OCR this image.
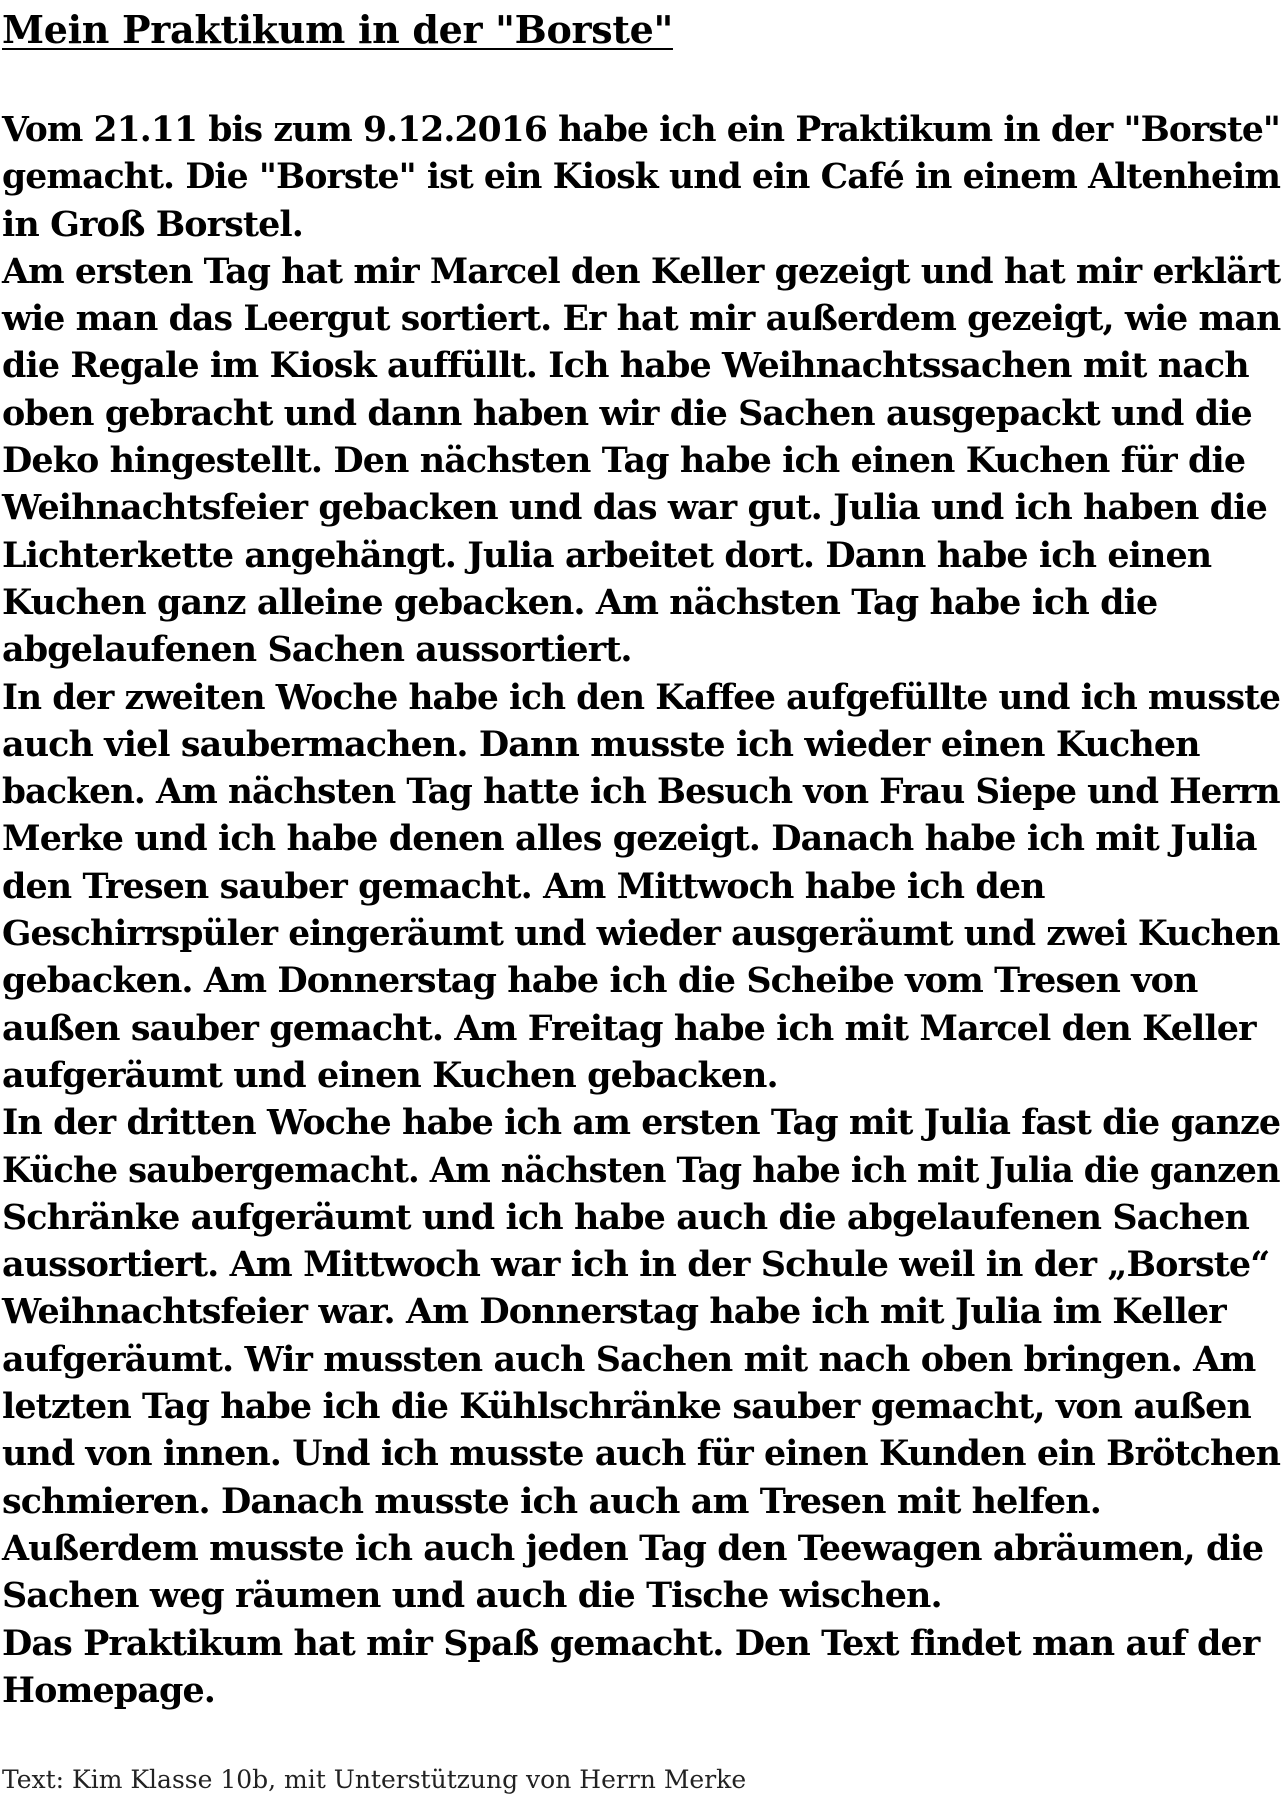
Mein Praktikum in der "Borste"
Vom 21.11 bis zum 9.12.2016 habe ich ein Praktikum in der "Borste"
gemacht. Die "Borste" ist ein Kiosk und ein Café in einem Altenheim
in Groß Borstel.
Am ersten Tag hat mir Marcel den Keller gezeigt und hat mir erklärt
wie man das Leergut sortiert. Er hat mir außerdem gezeigt, wie man
die Regale im Kiosk auffüllt. Ich habe Weihnachtssachen mit nach
oben gebracht und dann haben wir die Sachen ausgepackt und die
Deko hingestellt. Den nächsten Tag habe ich einen Kuchen für die
Weihnachtsfeier gebacken und das war gut. Julia und ich haben die
Lichterkette angehängt. Julia arbeitet dort. Dann habe ich einen
Kuchen ganz alleine gebacken. Am nächsten Tag habe ich die
abgelaufenen Sachen aussortiert.
In der zweiten Woche habe ich den Kaffee aufgefüllte und ich musste
auch viel saubermachen. Dann musste ich wieder einen Kuchen
backen. Am nächsten Tag hatte ich Besuch von Frau Siepe und Herrn
Merke und ich habe denen alles gezeigt. Danach habe ich mit Julia
den Tresen sauber gemacht. Am Mittwoch habe ich den
Geschirrspüler eingeräumt und wieder ausgeräumt und zwei Kuchen
gebacken. Am Donnerstag habe ich die Scheibe vom Tresen von
außen sauber gemacht. Am Freitag habe ich mit Marcel den Keller
aufgeräumt und einen Kuchen gebacken.
In der dritten Woche habe ich am ersten Tag mit Julia fast die ganze
Küche saubergemacht. Am nächsten Tag habe ich mit Julia die ganzen
Schränke aufgeräumt und ich habe auch die abgelaufenen Sachen
aussortiert. Am Mittwoch war ich in der Schule weil in der „Borste“
Weihnachtsfeier war. Am Donnerstag habe ich mit Julia im Keller
aufgeräumt. Wir mussten auch Sachen mit nach oben bringen. Am
letzten Tag habe ich die Kühlschränke sauber gemacht, von außen
und von innen. Und ich musste auch für einen Kunden ein Brötchen
schmieren. Danach musste ich auch am Tresen mit helfen.
Außerdem musste ich auch jeden Tag den Teewagen abräumen, die
Sachen weg räumen und auch die Tische wischen.
Das Praktikum hat mir Spaß gemacht. Den Text findet man auf der
Homepage.

Text: Kim Klasse 10b, mit Unterstützung von Herrn Merke
